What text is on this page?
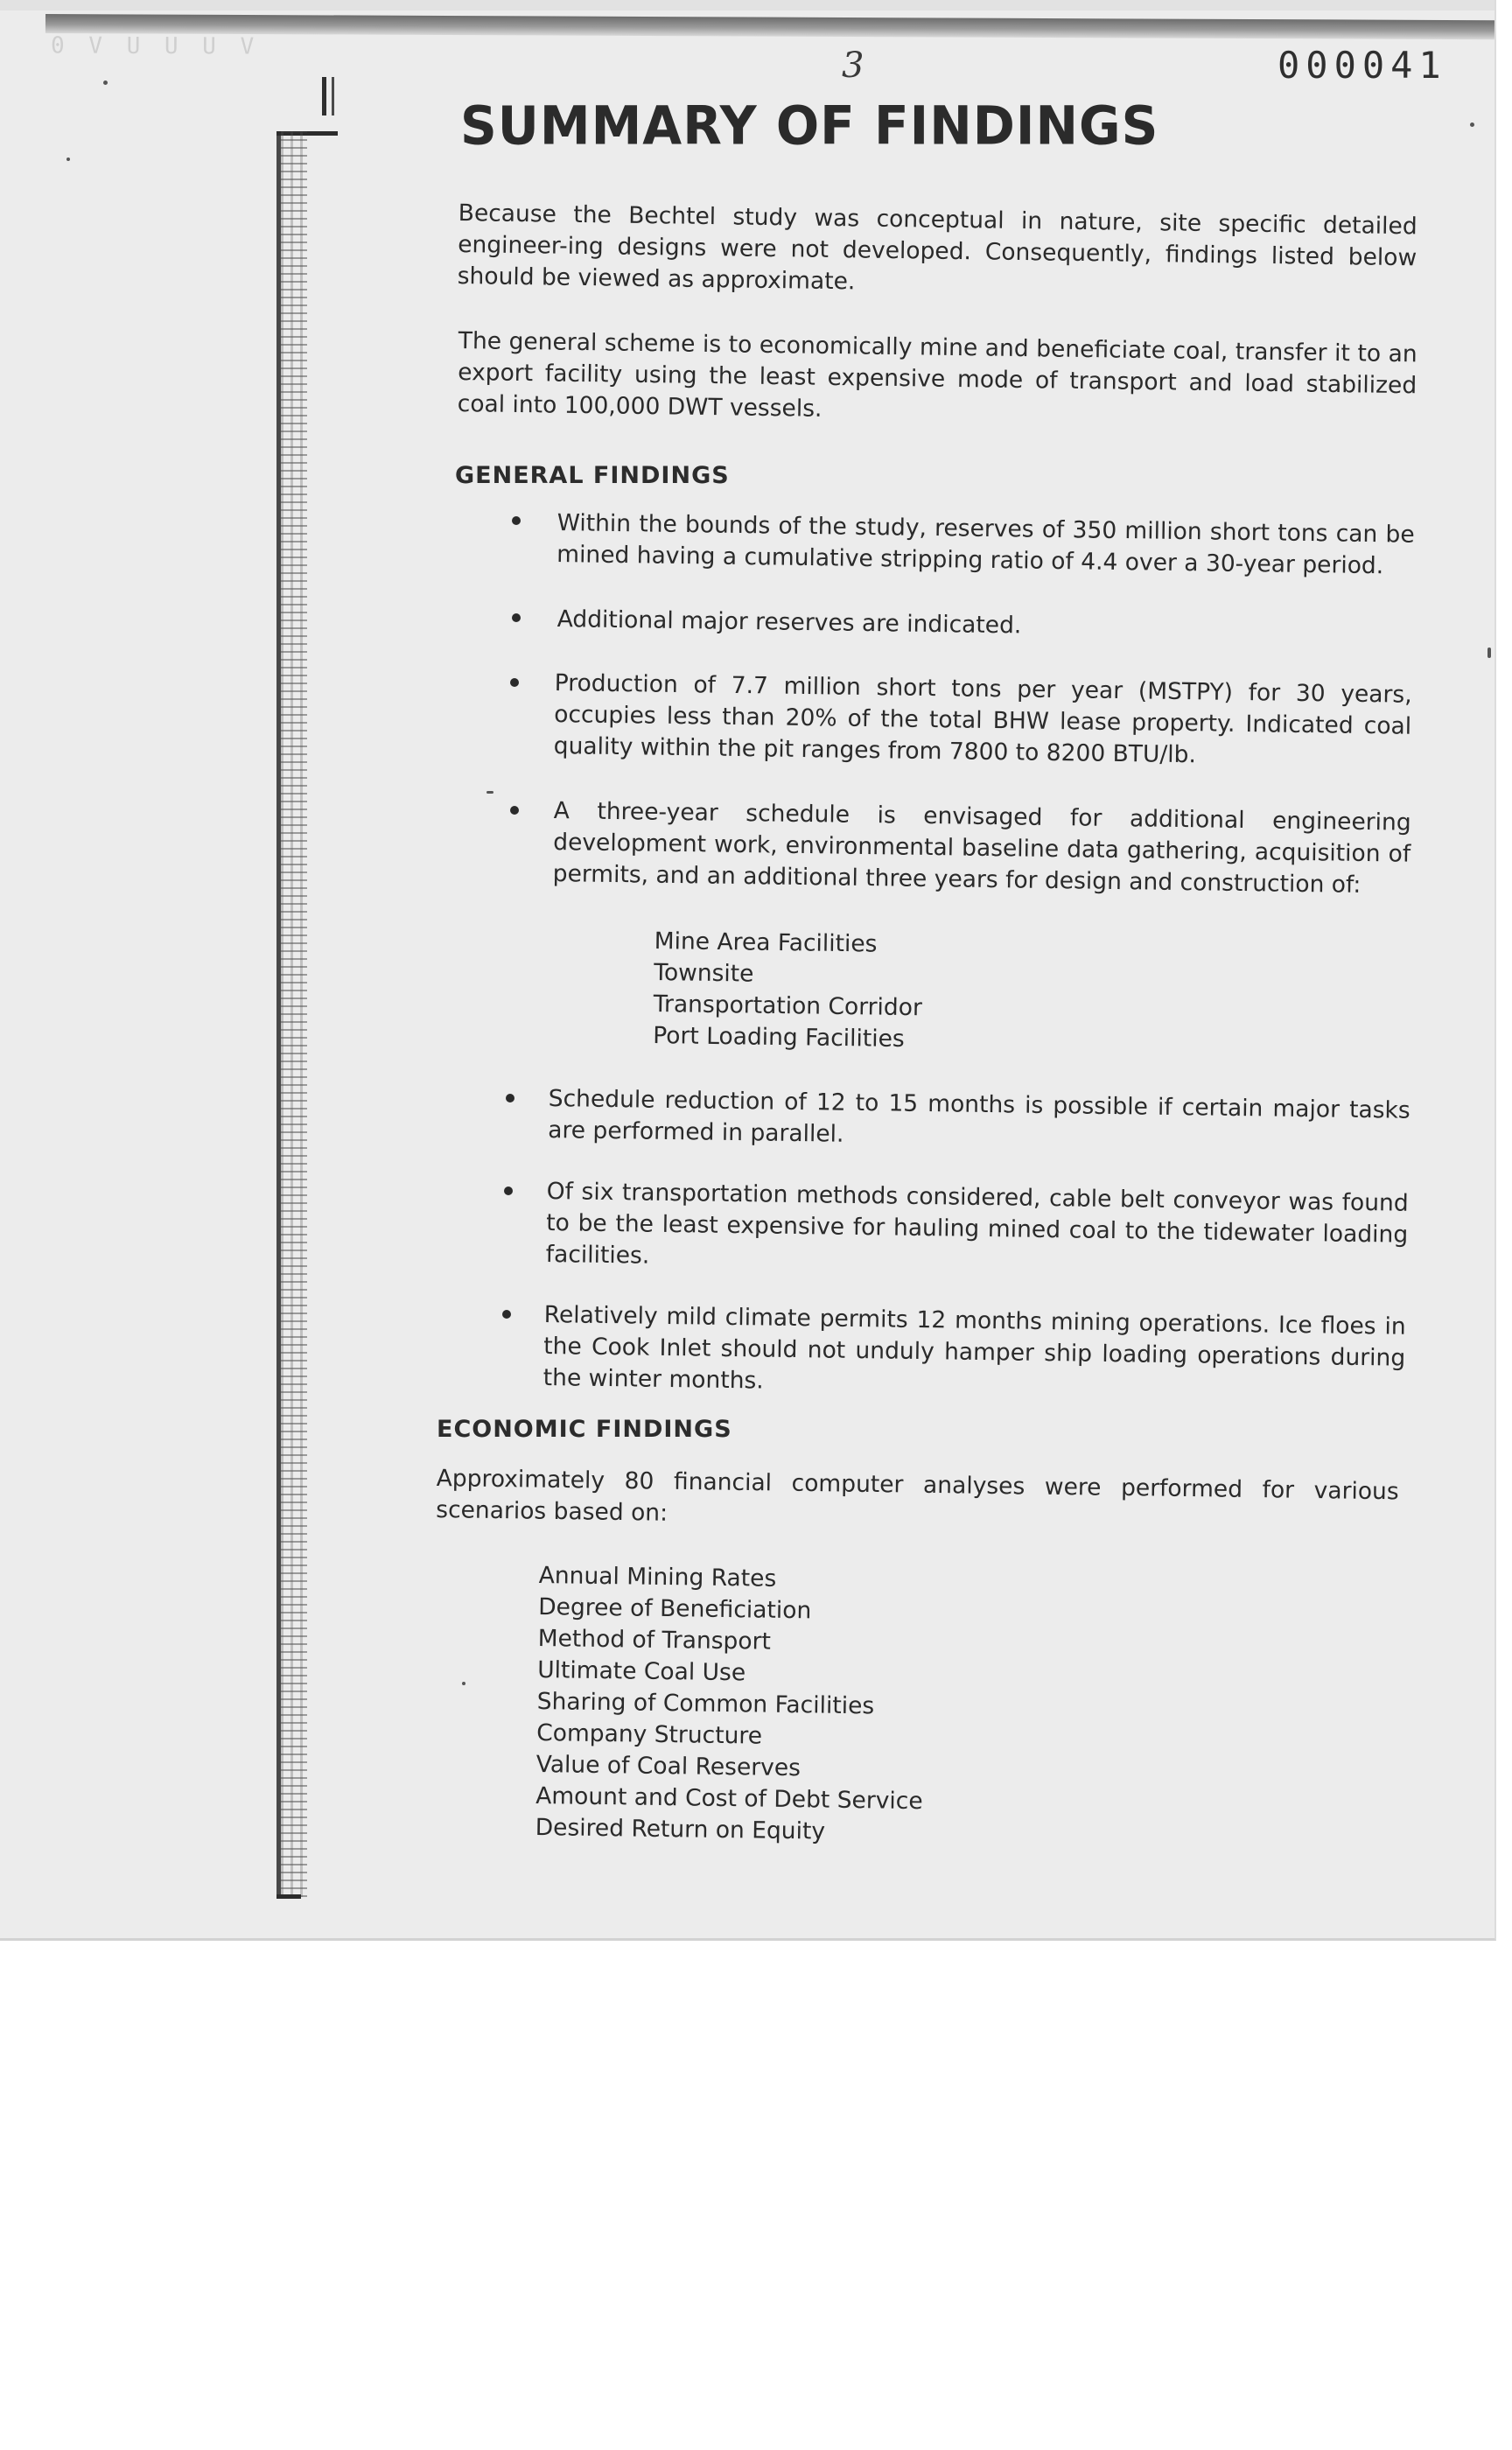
0 V U U U V	3	000041
SUMMARY OF FINDINGS

Because the Bechtel study was conceptual in nature, site specific detailed engineer-ing designs were not developed. Consequently, findings listed below should be viewed as approximate.

The general scheme is to economically mine and beneficiate coal, transfer it to an export facility using the least expensive mode of transport and load stabilized coal into 100,000 DWT vessels.

GENERAL FINDINGS
Within the bounds of the study, reserves of 350 million short tons can be mined having a cumulative stripping ratio of 4.4 over a 30-year period.
Additional major reserves are indicated.
Production of 7.7 million short tons per year (MSTPY) for 30 years, occupies less than 20% of the total BHW lease property. Indicated coal quality within the pit ranges from 7800 to 8200 BTU/lb.
A three-year schedule is envisaged for additional engineering development work, environmental baseline data gathering, acquisition of permits, and an additional three years for design and construction of:
Mine Area Facilities
Townsite
Transportation Corridor
Port Loading Facilities
Schedule reduction of 12 to 15 months is possible if certain major tasks are performed in parallel.
Of six transportation methods considered, cable belt conveyor was found to be the least expensive for hauling mined coal to the tidewater loading facilities.
Relatively mild climate permits 12 months mining operations. Ice floes in the Cook Inlet should not unduly hamper ship loading operations during the winter months.
ECONOMIC FINDINGS

Approximately 80 financial computer analyses were performed for various scenarios based on:

Annual Mining Rates
Degree of Beneficiation
Method of Transport
Ultimate Coal Use
Sharing of Common Facilities
Company Structure
Value of Coal Reserves
Amount and Cost of Debt Service
Desired Return on Equity
